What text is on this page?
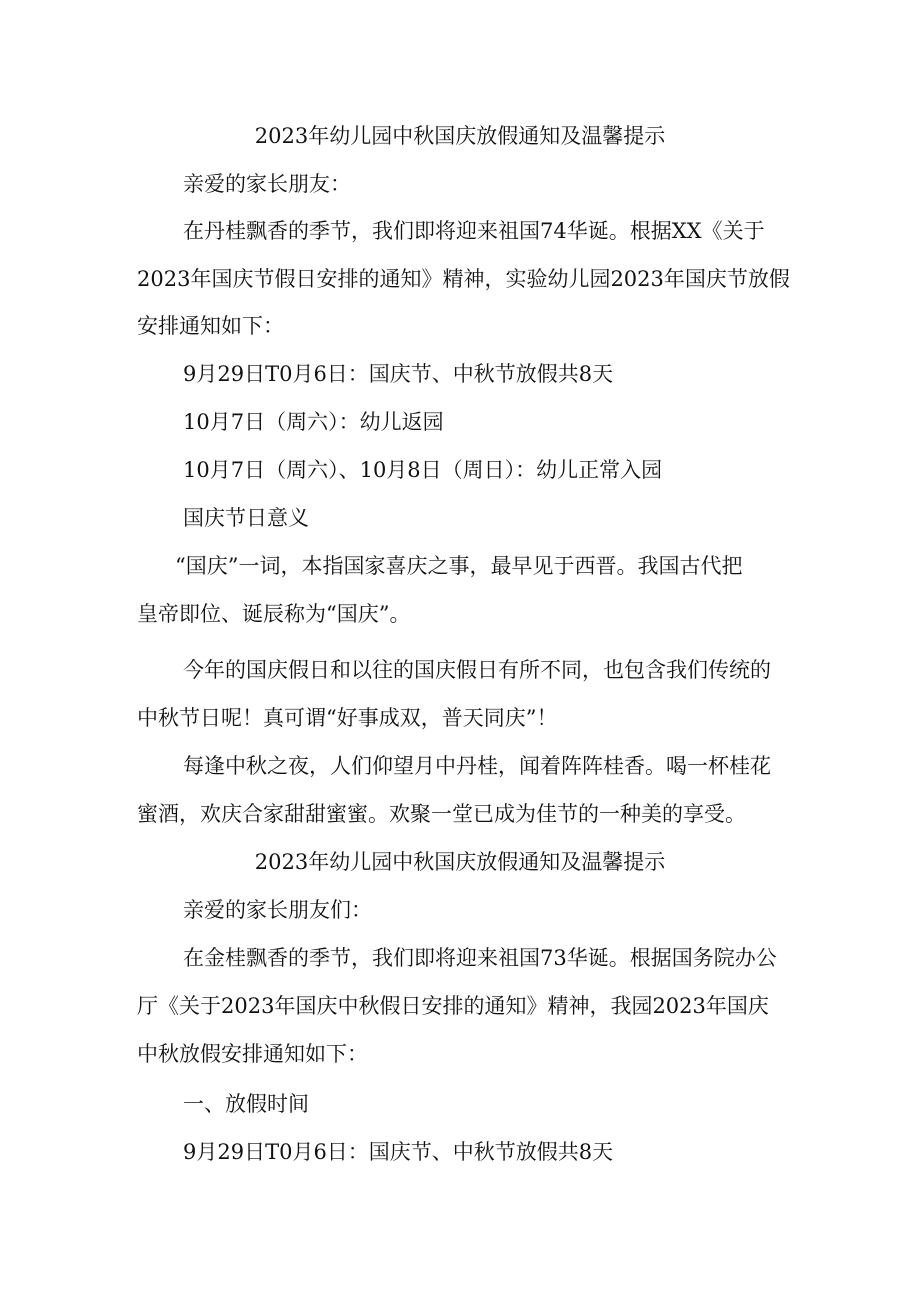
2023年幼儿园中秋国庆放假通知及温馨提示
亲爱的家长朋友：
在丹桂飘香的季节，我们即将迎来祖国74华诞。根据XX《关于
2023年国庆节假日安排的通知》精神，实验幼儿园2023年国庆节放假
安排通知如下：
9月29日T0月6日：国庆节、中秋节放假共8天
10月7日（周六）：幼儿返园
10月7日（周六）、10月8日（周日）：幼儿正常入园
国庆节日意义
“国庆”一词，本指国家喜庆之事，最早见于西晋。我国古代把
皇帝即位、诞辰称为“国庆”。
今年的国庆假日和以往的国庆假日有所不同，也包含我们传统的
中秋节日呢！真可谓“好事成双，普天同庆”！
每逢中秋之夜，人们仰望月中丹桂，闻着阵阵桂香。喝一杯桂花
蜜酒，欢庆合家甜甜蜜蜜。欢聚一堂已成为佳节的一种美的享受。
2023年幼儿园中秋国庆放假通知及温馨提示
亲爱的家长朋友们：
在金桂飘香的季节，我们即将迎来祖国73华诞。根据国务院办公
厅《关于2023年国庆中秋假日安排的通知》精神，我园2023年国庆
中秋放假安排通知如下：
一、放假时间
9月29日T0月6日：国庆节、中秋节放假共8天
